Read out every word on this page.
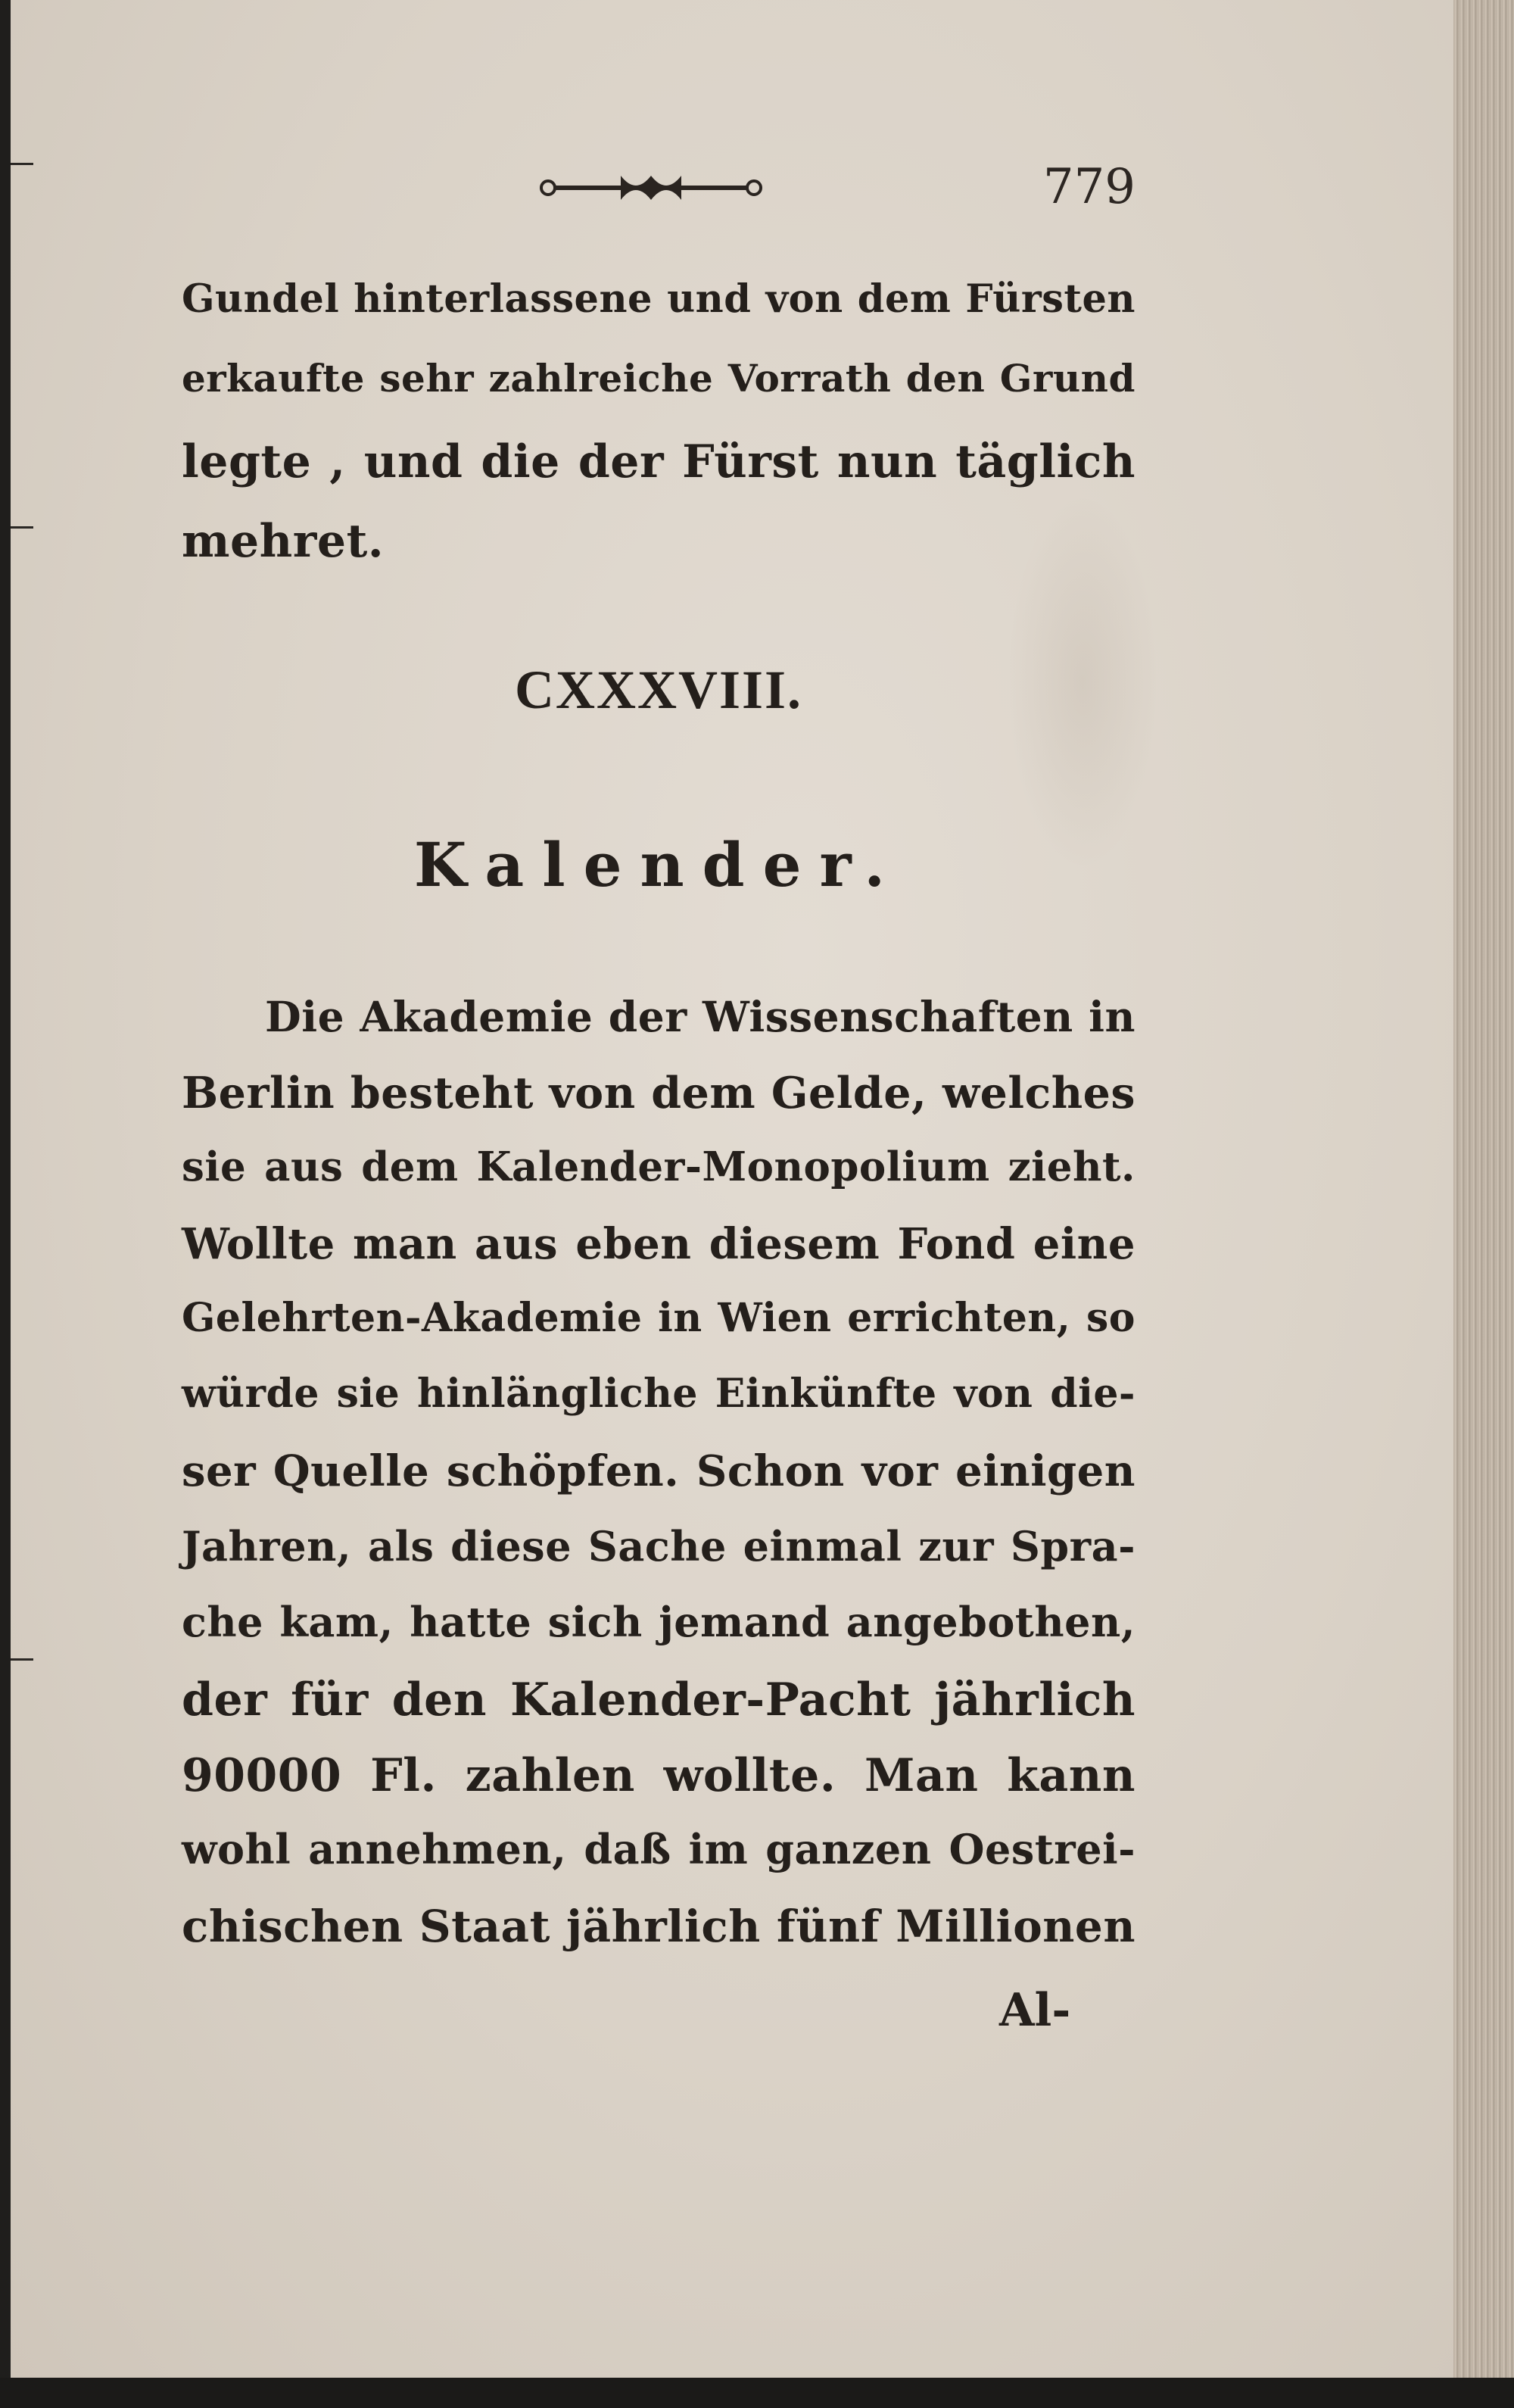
779
Gundel hinterlassene und von dem Fürsten
erkaufte sehr zahlreiche Vorrath den Grund
legte , und die der Fürst nun täglich
mehret.
CXXXVIII.
Kalender.
Die Akademie der Wissenschaften in
Berlin besteht von dem Gelde, welches
sie aus dem Kalender-Monopolium zieht.
Wollte man aus eben diesem Fond eine
Gelehrten-Akademie in Wien errichten, so
würde sie hinlängliche Einkünfte von die-
ser Quelle schöpfen. Schon vor einigen
Jahren, als diese Sache einmal zur Spra-
che kam, hatte sich jemand angebothen,
der für den Kalender-Pacht jährlich
90000 Fl. zahlen wollte. Man kann
wohl annehmen, daß im ganzen Oestrei-
chischen Staat jährlich fünf Millionen
Al-
